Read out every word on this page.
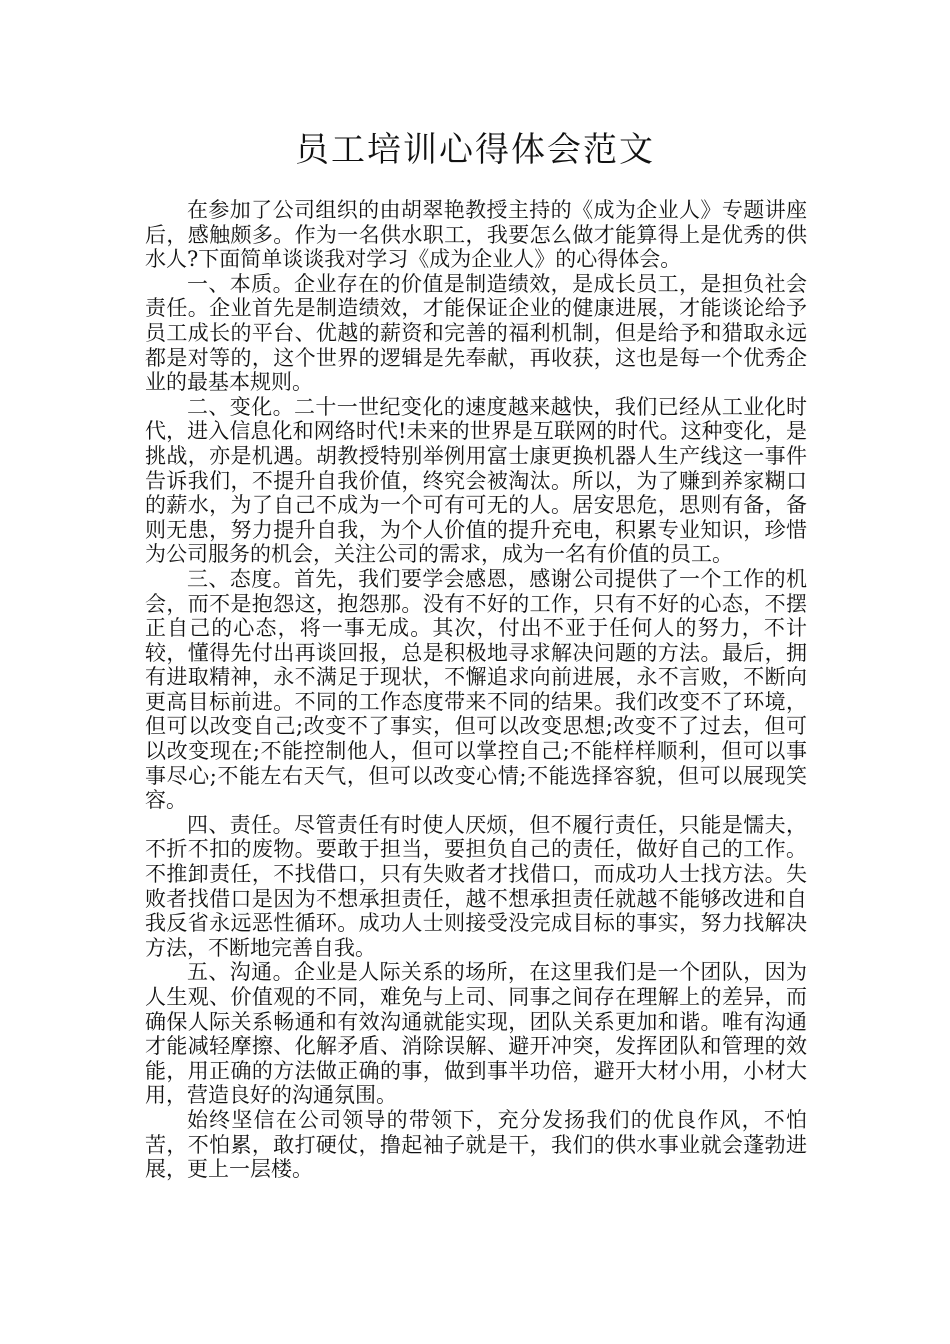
员工培训心得体会范文

在参加了公司组织的由胡翠艳教授主持的《成为企业人》专题讲座后，感触颇多。作为一名供水职工，我要怎么做才能算得上是优秀的供水人?下面简单谈谈我对学习《成为企业人》的心得体会。

一、本质。企业存在的价值是制造绩效，是成长员工，是担负社会责任。企业首先是制造绩效，才能保证企业的健康进展，才能谈论给予员工成长的平台、优越的薪资和完善的福利机制，但是给予和猎取永远都是对等的，这个世界的逻辑是先奉献，再收获，这也是每一个优秀企业的最基本规则。

二、变化。二十一世纪变化的速度越来越快，我们已经从工业化时代，进入信息化和网络时代!未来的世界是互联网的时代。这种变化，是挑战，亦是机遇。胡教授特别举例用富士康更换机器人生产线这一事件告诉我们，不提升自我价值，终究会被淘汰。所以，为了赚到养家糊口的薪水，为了自己不成为一个可有可无的人。居安思危，思则有备，备则无患，努力提升自我，为个人价值的提升充电，积累专业知识，珍惜为公司服务的机会，关注公司的需求，成为一名有价值的员工。

三、态度。首先，我们要学会感恩，感谢公司提供了一个工作的机会，而不是抱怨这，抱怨那。没有不好的工作，只有不好的心态，不摆正自己的心态，将一事无成。其次，付出不亚于任何人的努力，不计较，懂得先付出再谈回报，总是积极地寻求解决问题的方法。最后，拥有进取精神，永不满足于现状，不懈追求向前进展，永不言败，不断向更高目标前进。不同的工作态度带来不同的结果。我们改变不了环境，但可以改变自己;改变不了事实，但可以改变思想;改变不了过去，但可以改变现在;不能控制他人，但可以掌控自己;不能样样顺利，但可以事事尽心;不能左右天气，但可以改变心情;不能选择容貌，但可以展现笑容。

四、责任。尽管责任有时使人厌烦，但不履行责任，只能是懦夫，不折不扣的废物。要敢于担当，要担负自己的责任，做好自己的工作。不推卸责任，不找借口，只有失败者才找借口，而成功人士找方法。失败者找借口是因为不想承担责任，越不想承担责任就越不能够改进和自我反省永远恶性循环。成功人士则接受没完成目标的事实，努力找解决方法，不断地完善自我。

五、沟通。企业是人际关系的场所，在这里我们是一个团队，因为人生观、价值观的不同，难免与上司、同事之间存在理解上的差异，而确保人际关系畅通和有效沟通就能实现，团队关系更加和谐。唯有沟通才能减轻摩擦、化解矛盾、消除误解、避开冲突，发挥团队和管理的效能，用正确的方法做正确的事，做到事半功倍，避开大材小用，小材大用，营造良好的沟通氛围。

始终坚信在公司领导的带领下，充分发扬我们的优良作风，不怕苦，不怕累，敢打硬仗，撸起袖子就是干，我们的供水事业就会蓬勃进展，更上一层楼。
